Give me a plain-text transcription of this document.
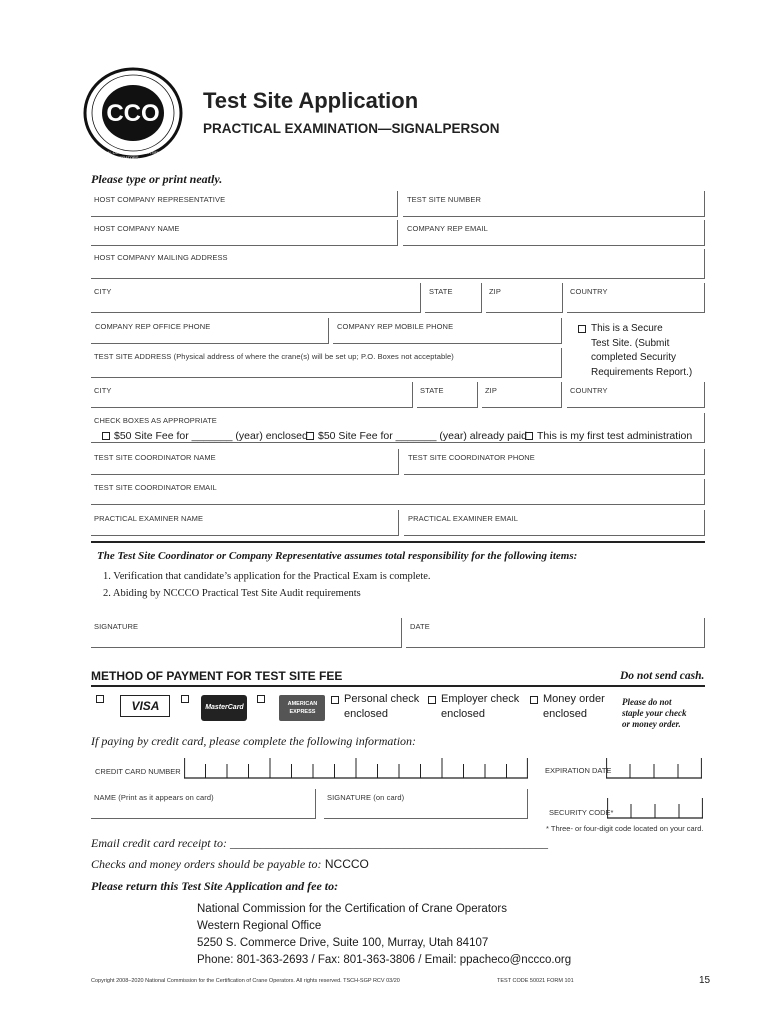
CCO
NATIONAL COMMISSION • CERTIFICATION OF CRANE OPERATORS
Test Site Application
PRACTICAL EXAMINATION—SIGNALPERSON
Please type or print neatly.
HOST COMPANY REPRESENTATIVE	TEST SITE NUMBER
HOST COMPANY NAME	COMPANY REP EMAIL
HOST COMPANY MAILING ADDRESS
CITY	STATE	ZIP	COUNTRY
COMPANY REP OFFICE PHONE	COMPANY REP MOBILE PHONE	This is a Secure
Test Site. (Submit
completed Security
Requirements Report.)
TEST SITE ADDRESS (Physical address of where the crane(s) will be set up; P.O. Boxes not acceptable)
CITY	STATE	ZIP	COUNTRY
CHECK BOXES AS APPROPRIATE
$50 Site Fee for _______ (year) enclosed $50 Site Fee for _______ (year) already paid This is my first test administration
TEST SITE COORDINATOR NAME	TEST SITE COORDINATOR PHONE
TEST SITE COORDINATOR EMAIL
PRACTICAL EXAMINER NAME	PRACTICAL EXAMINER EMAIL
The Test Site Coordinator or Company Representative assumes total responsibility for the following items:
1. Verification that candidate’s application for the Practical Exam is complete.
2. Abiding by NCCCO Practical Test Site Audit requirements
SIGNATURE	DATE
METHOD OF PAYMENT FOR TEST SITE FEE	Do not send cash.
VISA	MasterCard	AMERICAN EXPRESS
Personal check
enclosed
Employer check
enclosed
Money order
enclosed
Please do not
staple your check
or money order.
If paying by credit card, please complete the following information:
CREDIT CARD NUMBER	EXPIRATION DATE
NAME (Print as it appears on card)	SIGNATURE (on card)
SECURITY CODE*
* Three- or four-digit code located on your card.
Email credit card receipt to: _____________________________________________________
Checks and money orders should be payable to: NCCCO
Please return this Test Site Application and fee to:
National Commission for the Certification of Crane Operators
Western Regional Office
5250 S. Commerce Drive, Suite 100, Murray, Utah 84107
Phone: 801-363-2693 / Fax: 801-363-3806 / Email: ppacheco@nccco.org
Copyright 2008–2020 National Commission for the Certification of Crane Operators. All rights reserved. TSCH-SGP RCV 03/20	TEST CODE 50021 FORM 101	15
